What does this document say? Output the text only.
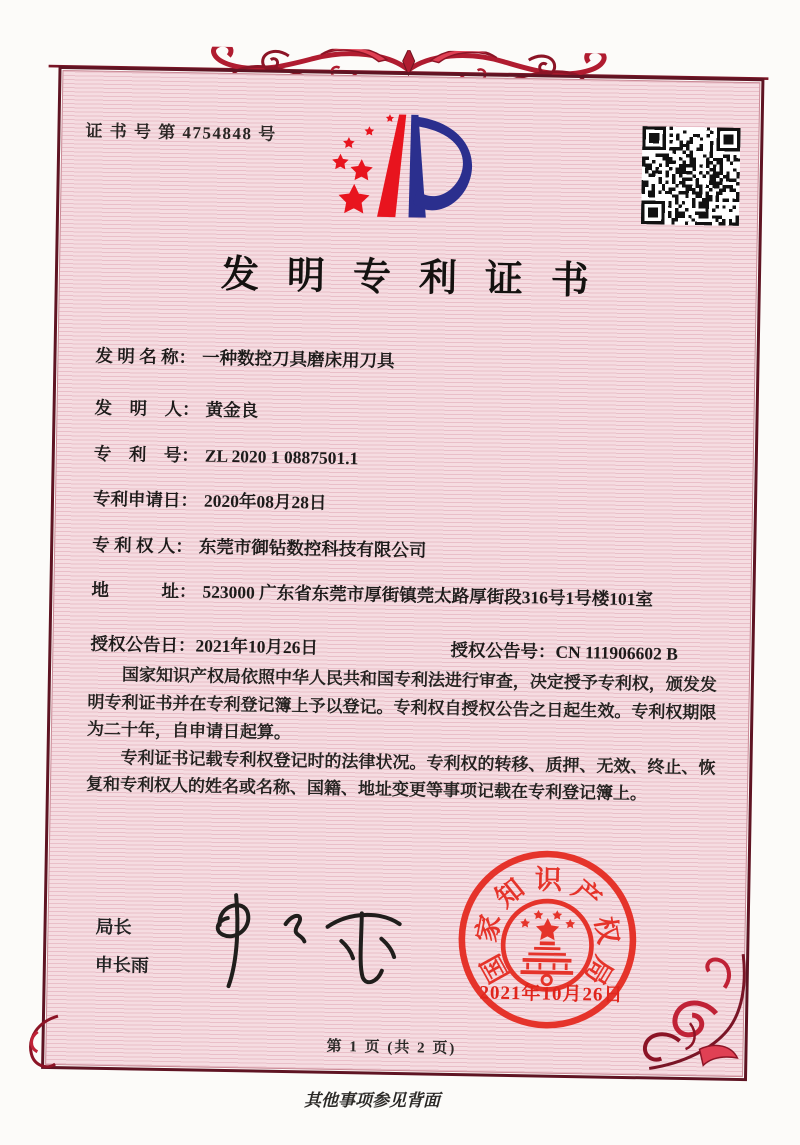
证 书 号 第 4754848 号
发明专利证书
发 明 名 称： 一种数控刀具磨床用刀具
发　明　人： 黄金良
专　利　号： ZL 2020 1 0887501.1
专利申请日： 2020年08月28日
专 利 权 人： 东莞市御钻数控科技有限公司
地　　　址： 523000 广东省东莞市厚街镇莞太路厚街段316号1号楼101室
授权公告日：2021年10月26日	授权公告号：CN 111906602 B

国家知识产权局依照中华人民共和国专利法进行审查，决定授予专利权，颁发发明专利证书并在专利登记簿上予以登记。专利权自授权公告之日起生效。专利权期限为二十年，自申请日起算。

专利证书记载专利权登记时的法律状况。专利权的转移、质押、无效、终止、恢复和专利权人的姓名或名称、国籍、地址变更等事项记载在专利登记簿上。

局长
申长雨	国
家
知 识 产
权
局
2021年10月26日
第 1 页 (共 2 页)
其他事项参见背面
